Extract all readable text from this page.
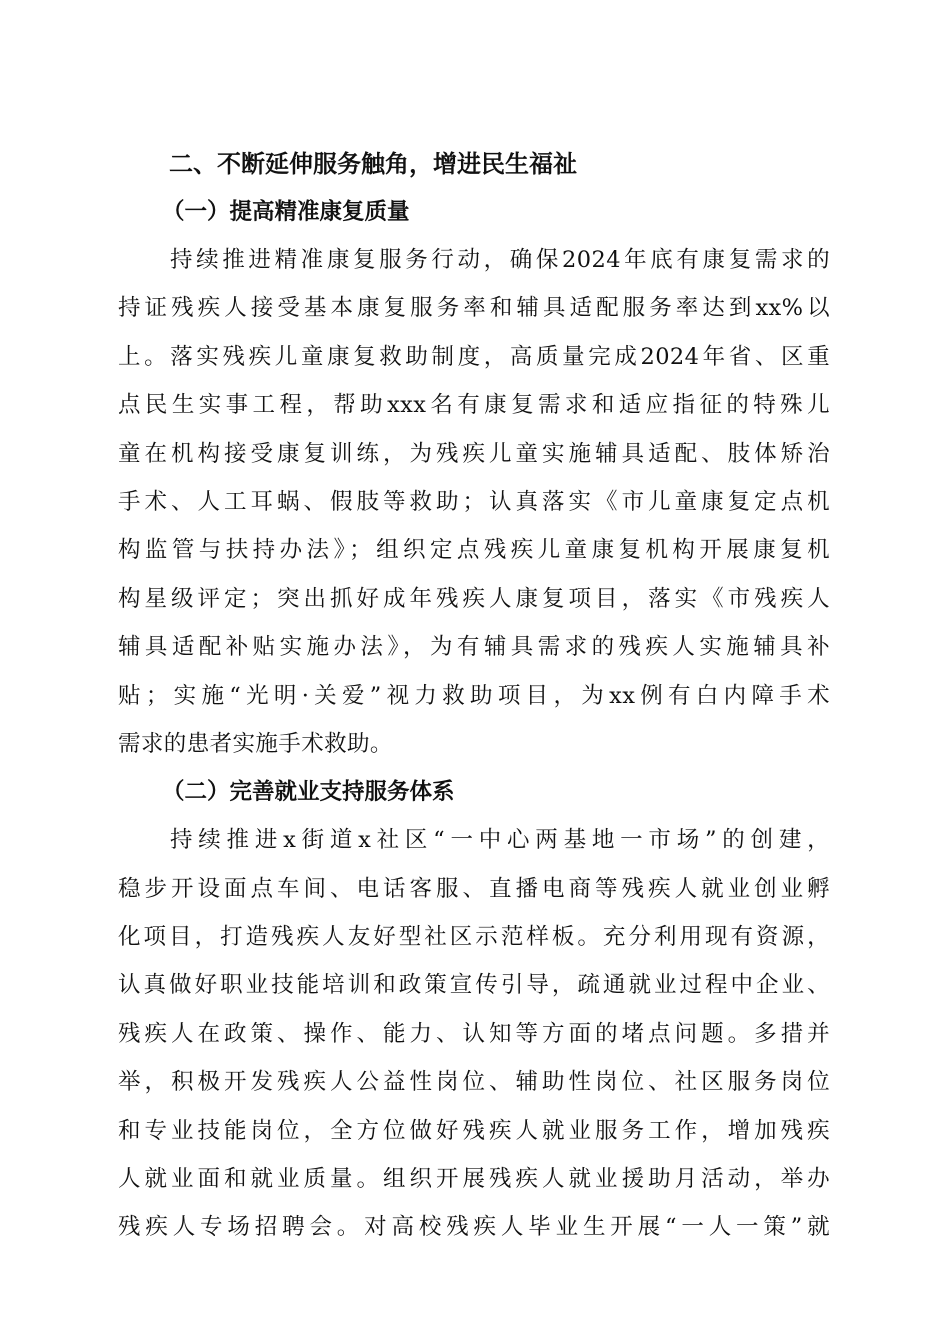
二、不断延伸服务触角，增进民生福祉
（一）提高精准康复质量

持续推进精准康复服务行动，确保2024年底有康复需求的

持证残疾人接受基本康复服务率和辅具适配服务率达到xx%以

上。落实残疾儿童康复救助制度，高质量完成2024年省、区重

点民生实事工程，帮助xxx名有康复需求和适应指征的特殊儿

童在机构接受康复训练，为残疾儿童实施辅具适配、肢体矫治

手术、人工耳蜗、假肢等救助；认真落实《市儿童康复定点机

构监管与扶持办法》；组织定点残疾儿童康复机构开展康复机

构星级评定；突出抓好成年残疾人康复项目，落实《市残疾人

辅具适配补贴实施办法》，为有辅具需求的残疾人实施辅具补

贴；实施“光明·关爱”视力救助项目，为xx例有白内障手术

需求的患者实施手术救助。

（二）完善就业支持服务体系

持续推进x街道x社区“一中心两基地一市场”的创建，

稳步开设面点车间、电话客服、直播电商等残疾人就业创业孵

化项目，打造残疾人友好型社区示范样板。充分利用现有资源，

认真做好职业技能培训和政策宣传引导，疏通就业过程中企业、

残疾人在政策、操作、能力、认知等方面的堵点问题。多措并

举，积极开发残疾人公益性岗位、辅助性岗位、社区服务岗位

和专业技能岗位，全方位做好残疾人就业服务工作，增加残疾

人就业面和就业质量。组织开展残疾人就业援助月活动，举办

残疾人专场招聘会。对高校残疾人毕业生开展“一人一策”就
